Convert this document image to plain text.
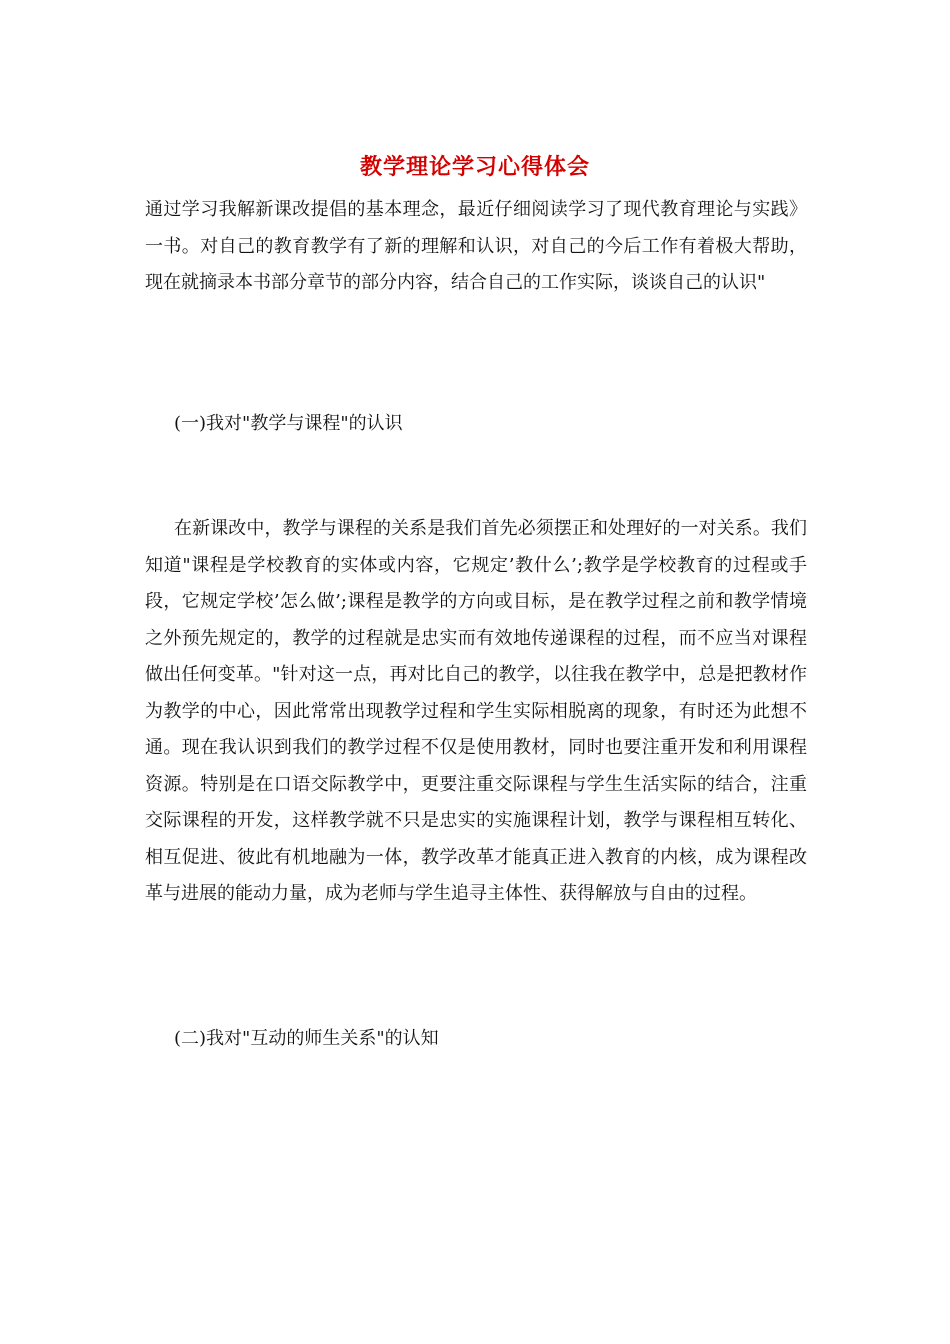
教学理论学习心得体会

通过学习我解新课改提倡的基本理念，最近仔细阅读学习了现代教育理论与实践》一书。对自己的教育教学有了新的理解和认识，对自己的今后工作有着极大帮助，现在就摘录本书部分章节的部分内容，结合自己的工作实际，谈谈自己的认识"

(一)我对"教学与课程"的认识

在新课改中，教学与课程的关系是我们首先必须摆正和处理好的一对关系。我们知道"课程是学校教育的实体或内容，它规定’教什么’;教学是学校教育的过程或手段，它规定学校’怎么做’;课程是教学的方向或目标，是在教学过程之前和教学情境之外预先规定的，教学的过程就是忠实而有效地传递课程的过程，而不应当对课程做出任何变革。"针对这一点，再对比自己的教学，以往我在教学中，总是把教材作为教学的中心，因此常常出现教学过程和学生实际相脱离的现象，有时还为此想不通。现在我认识到我们的教学过程不仅是使用教材，同时也要注重开发和利用课程资源。特别是在口语交际教学中，更要注重交际课程与学生生活实际的结合，注重交际课程的开发，这样教学就不只是忠实的实施课程计划，教学与课程相互转化、相互促进、彼此有机地融为一体，教学改革才能真正进入教育的内核，成为课程改革与进展的能动力量，成为老师与学生追寻主体性、获得解放与自由的过程。

(二)我对"互动的师生关系"的认知
